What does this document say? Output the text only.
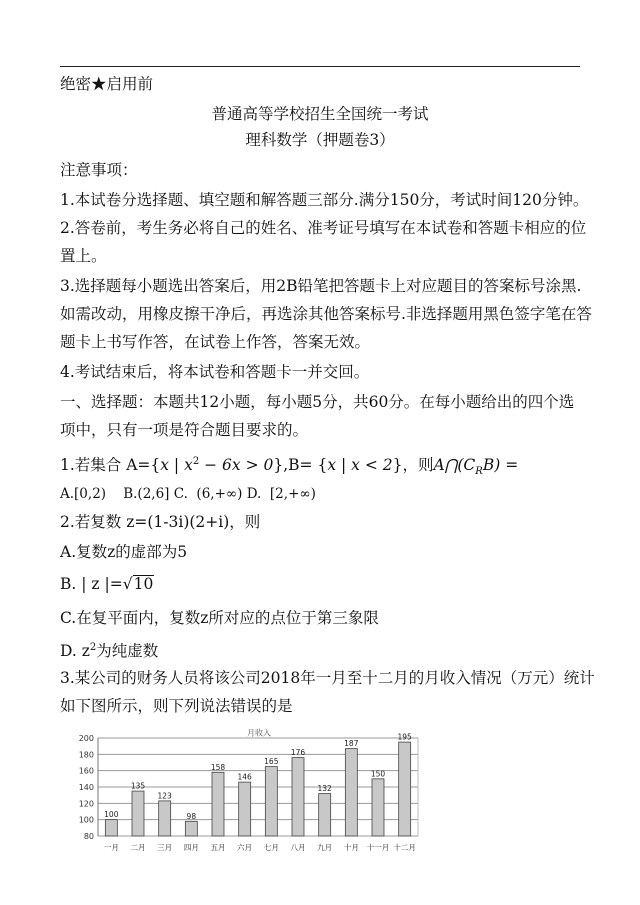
绝密★启用前
普通高等学校招生全国统一考试
理科数学（押题卷3）
注意事项：
1.本试卷分选择题、填空题和解答题三部分.满分150分，考试时间120分钟。
2.答卷前，考生务必将自己的姓名、准考证号填写在本试卷和答题卡相应的位
置上。
3.选择题每小题选出答案后，用2B铅笔把答题卡上对应题目的答案标号涂黑.
如需改动，用橡皮擦干净后，再选涂其他答案标号.非选择题用黑色签字笔在答
题卡上书写作答，在试卷上作答，答案无效。
4.考试结束后，将本试卷和答题卡一并交回。
一、选择题：本题共12小题，每小题5分，共60分。在每小题给出的四个选
项中，只有一项是符合题目要求的。
1.若集合 A={x | $x^2 - 6x > 0\},B= \{x$ | x < 2}，则$A⋂(C_RB)$ =
A.[0,2)    B.(2,6] C.  (6,+∞) D.  [2,+∞)
2.若复数 z=(1-3i)(2+i)，则
A.复数z的虚部为5
B. | z |=√10
C.在复平面内，复数z所对应的点位于第三象限
D. $z^2$为纯虚数
3.某公司的财务人员将该公司2018年一月至十二月的月收入情况（万元）统计
如下图所示，则下列说法错误的是
月收入
80
100
120
140
160
180
200
100
135
123
98
158
146
165
176
132
187
150
195
一月 二月 三月 四月 五月 六月 七月 八月 九月 十月 十一月 十二月
